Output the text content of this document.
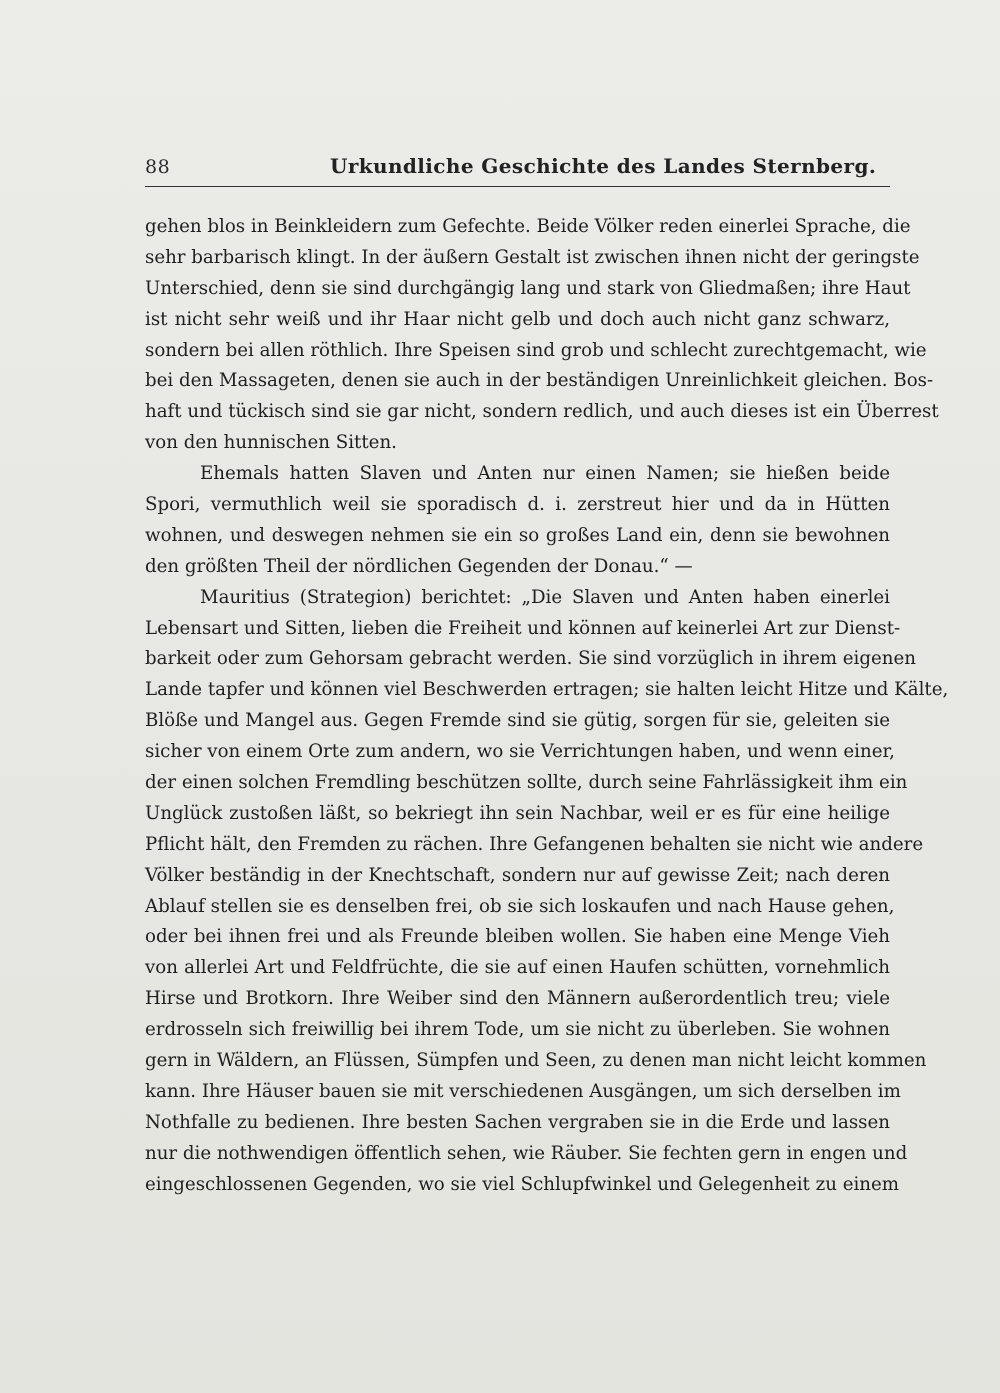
88	Urkundliche Geschichte des Landes Sternberg.
gehen blos in Beinkleidern zum Gefechte. Beide Völker reden einerlei Sprache, die
sehr barbarisch klingt. In der äußern Gestalt ist zwischen ihnen nicht der geringste
Unterschied, denn sie sind durchgängig lang und stark von Gliedmaßen; ihre Haut
ist nicht sehr weiß und ihr Haar nicht gelb und doch auch nicht ganz schwarz,
sondern bei allen röthlich. Ihre Speisen sind grob und schlecht zurechtgemacht, wie
bei den Massageten, denen sie auch in der beständigen Unreinlichkeit gleichen. Bos-
haft und tückisch sind sie gar nicht, sondern redlich, und auch dieses ist ein Überrest
von den hunnischen Sitten.
Ehemals hatten Slaven und Anten nur einen Namen; sie hießen beide
Spori, vermuthlich weil sie sporadisch d. i. zerstreut hier und da in Hütten
wohnen, und deswegen nehmen sie ein so großes Land ein, denn sie bewohnen
den größten Theil der nördlichen Gegenden der Donau.“ —
Mauritius (Strategion) berichtet: „Die Slaven und Anten haben einerlei
Lebensart und Sitten, lieben die Freiheit und können auf keinerlei Art zur Dienst-
barkeit oder zum Gehorsam gebracht werden. Sie sind vorzüglich in ihrem eigenen
Lande tapfer und können viel Beschwerden ertragen; sie halten leicht Hitze und Kälte,
Blöße und Mangel aus. Gegen Fremde sind sie gütig, sorgen für sie, geleiten sie
sicher von einem Orte zum andern, wo sie Verrichtungen haben, und wenn einer,
der einen solchen Fremdling beschützen sollte, durch seine Fahrlässigkeit ihm ein
Unglück zustoßen läßt, so bekriegt ihn sein Nachbar, weil er es für eine heilige
Pflicht hält, den Fremden zu rächen. Ihre Gefangenen behalten sie nicht wie andere
Völker beständig in der Knechtschaft, sondern nur auf gewisse Zeit; nach deren
Ablauf stellen sie es denselben frei, ob sie sich loskaufen und nach Hause gehen,
oder bei ihnen frei und als Freunde bleiben wollen. Sie haben eine Menge Vieh
von allerlei Art und Feldfrüchte, die sie auf einen Haufen schütten, vornehmlich
Hirse und Brotkorn. Ihre Weiber sind den Männern außerordentlich treu; viele
erdrosseln sich freiwillig bei ihrem Tode, um sie nicht zu überleben. Sie wohnen
gern in Wäldern, an Flüssen, Sümpfen und Seen, zu denen man nicht leicht kommen
kann. Ihre Häuser bauen sie mit verschiedenen Ausgängen, um sich derselben im
Nothfalle zu bedienen. Ihre besten Sachen vergraben sie in die Erde und lassen
nur die nothwendigen öffentlich sehen, wie Räuber. Sie fechten gern in engen und
eingeschlossenen Gegenden, wo sie viel Schlupfwinkel und Gelegenheit zu einem
